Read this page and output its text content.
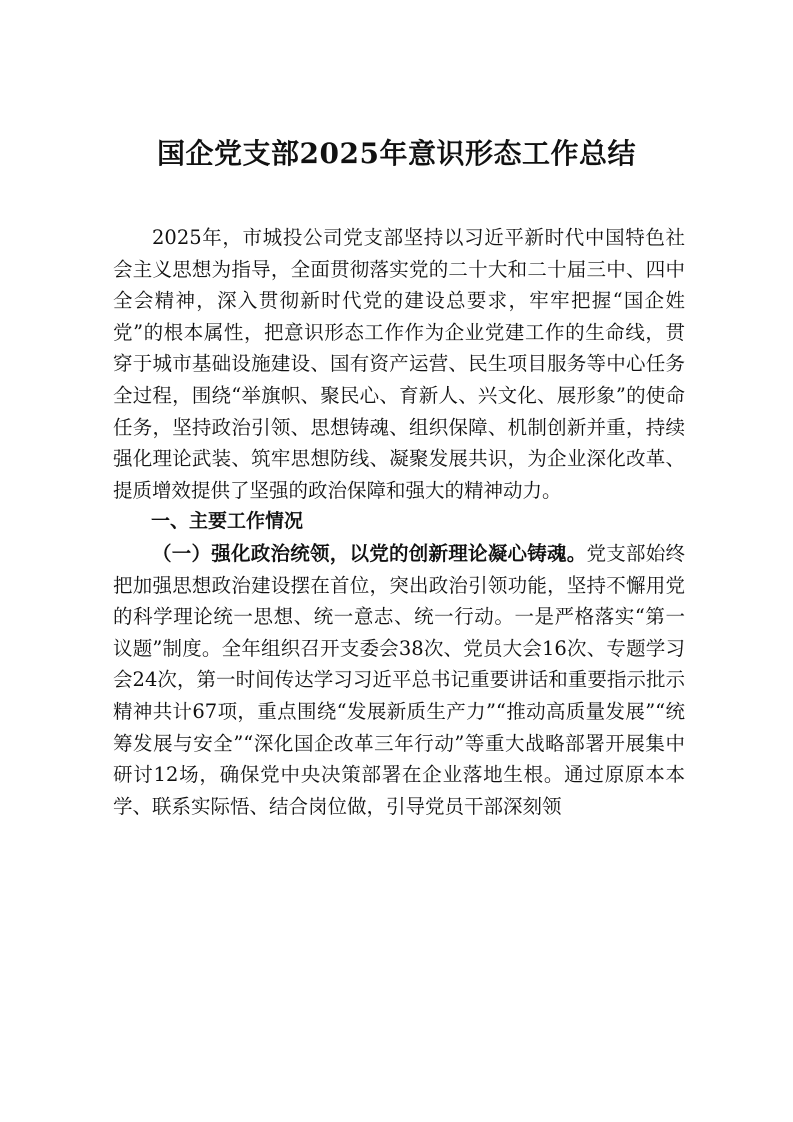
国企党支部2025年意识形态工作总结

2025年，市城投公司党支部坚持以习近平新时代中国特色社会主义思想为指导，全面贯彻落实党的二十大和二十届三中、四中全会精神，深入贯彻新时代党的建设总要求，牢牢把握“国企姓党”的根本属性，把意识形态工作作为企业党建工作的生命线，贯穿于城市基础设施建设、国有资产运营、民生项目服务等中心任务全过程，围绕“举旗帜、聚民心、育新人、兴文化、展形象”的使命任务，坚持政治引领、思想铸魂、组织保障、机制创新并重，持续强化理论武装、筑牢思想防线、凝聚发展共识，为企业深化改革、提质增效提供了坚强的政治保障和强大的精神动力。

一、主要工作情况

（一）强化政治统领，以党的创新理论凝心铸魂。党支部始终把加强思想政治建设摆在首位，突出政治引领功能，坚持不懈用党的科学理论统一思想、统一意志、统一行动。一是严格落实“第一议题”制度。全年组织召开支委会38次、党员大会16次、专题学习会24次，第一时间传达学习习近平总书记重要讲话和重要指示批示精神共计67项，重点围绕“发展新质生产力”“推动高质量发展”“统筹发展与安全”“深化国企改革三年行动”等重大战略部署开展集中研讨12场，确保党中央决策部署在企业落地生根。通过原原本本学、联系实际悟、结合岗位做，引导党员干部深刻领
